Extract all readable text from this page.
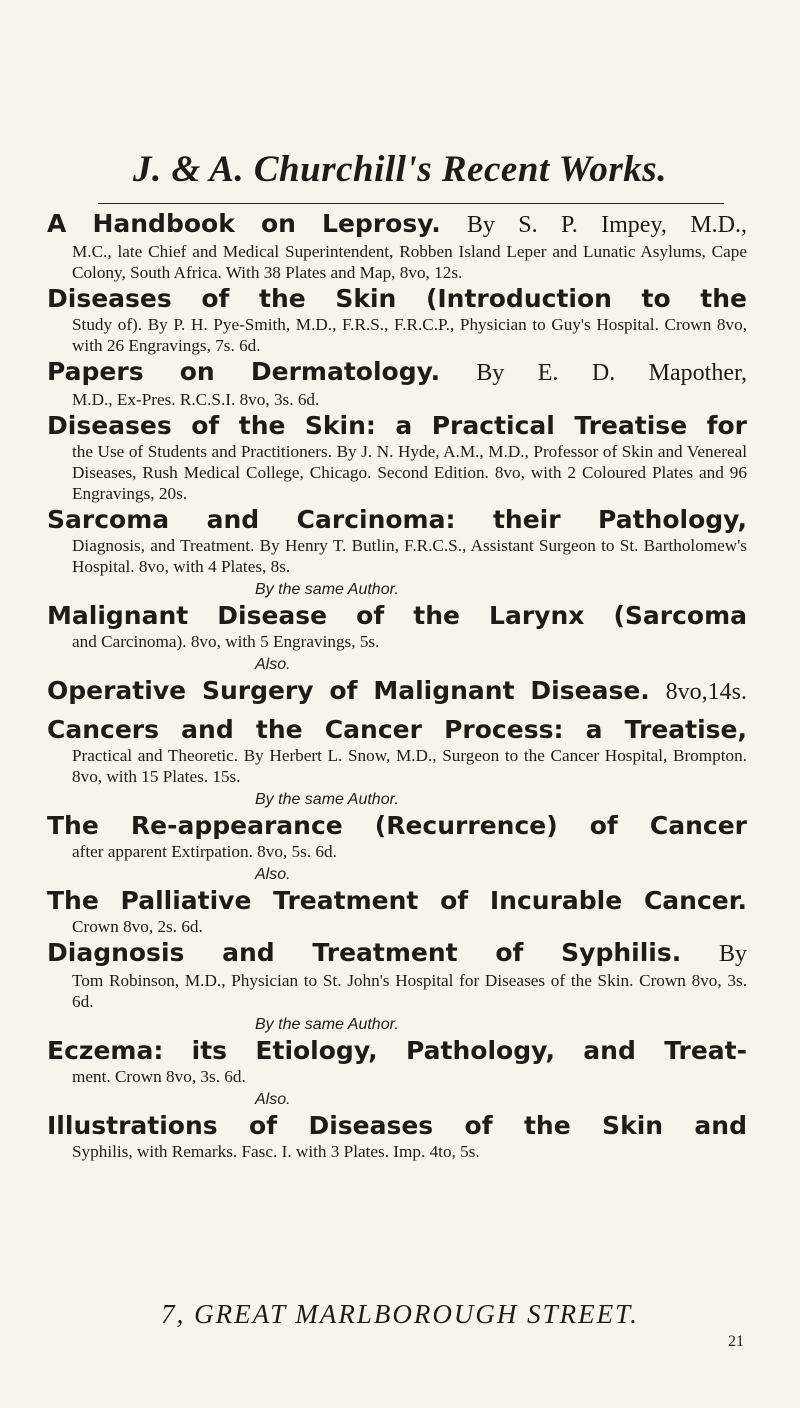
J. & A. Churchill's Recent Works.
A Handbook on Leprosy. By S. P. Impey, M.D.,
M.C., late Chief and Medical Superintendent, Robben Island Leper and Lunatic Asylums, Cape Colony, South Africa. With 38 Plates and Map, 8vo, 12s.
Diseases of the Skin (Introduction to the
Study of). By P. H. Pye-Smith, M.D., F.R.S., F.R.C.P., Physician to Guy's Hospital. Crown 8vo, with 26 Engravings, 7s. 6d.
Papers on Dermatology. By E. D. Mapother,
M.D., Ex-Pres. R.C.S.I. 8vo, 3s. 6d.
Diseases of the Skin: a Practical Treatise for
the Use of Students and Practitioners. By J. N. Hyde, A.M., M.D., Professor of Skin and Venereal Diseases, Rush Medical College, Chicago. Second Edition. 8vo, with 2 Coloured Plates and 96 Engravings, 20s.
Sarcoma and Carcinoma: their Pathology,
Diagnosis, and Treatment. By Henry T. Butlin, F.R.C.S., Assistant Surgeon to St. Bartholomew's Hospital. 8vo, with 4 Plates, 8s.
By the same Author.
Malignant Disease of the Larynx (Sarcoma
and Carcinoma). 8vo, with 5 Engravings, 5s.
Also.
Operative Surgery of Malignant Disease. 8vo,14s.
Cancers and the Cancer Process: a Treatise,
Practical and Theoretic. By Herbert L. Snow, M.D., Surgeon to the Cancer Hospital, Brompton. 8vo, with 15 Plates. 15s.
By the same Author.
The Re-appearance (Recurrence) of Cancer
after apparent Extirpation. 8vo, 5s. 6d.
Also.
The Palliative Treatment of Incurable Cancer.
Crown 8vo, 2s. 6d.
Diagnosis and Treatment of Syphilis. By
Tom Robinson, M.D., Physician to St. John's Hospital for Diseases of the Skin. Crown 8vo, 3s. 6d.
By the same Author.
Eczema: its Etiology, Pathology, and Treat-
ment. Crown 8vo, 3s. 6d.
Also.
Illustrations of Diseases of the Skin and
Syphilis, with Remarks. Fasc. I. with 3 Plates. Imp. 4to, 5s.
7, GREAT MARLBOROUGH STREET.
21
